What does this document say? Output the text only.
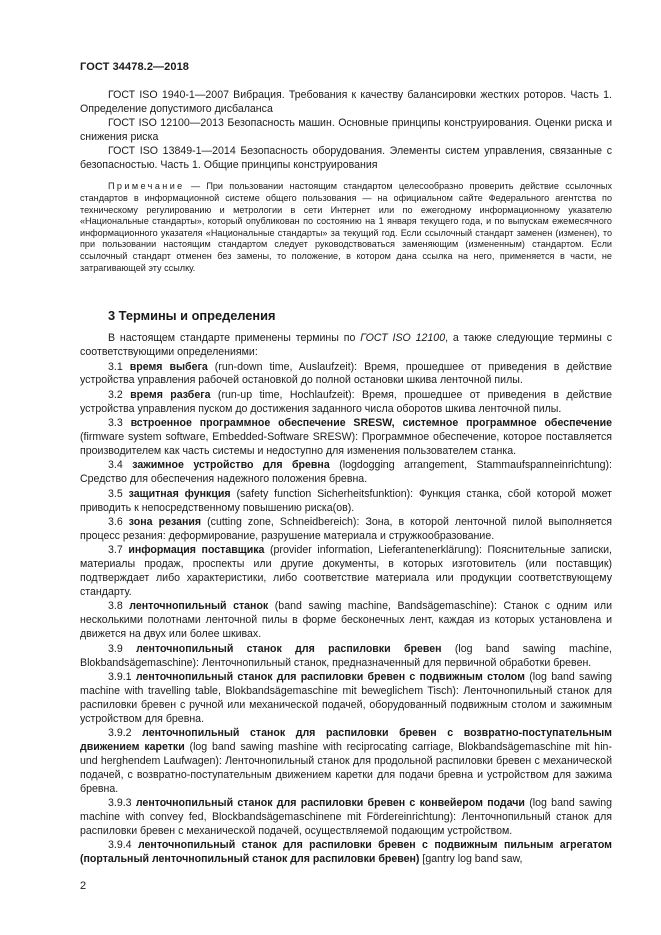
ГОСТ 34478.2—2018

ГОСТ ISO 1940-1—2007 Вибрация. Требования к качеству балансировки жестких роторов. Часть 1. Определение допустимого дисбаланса

ГОСТ ISO 12100—2013 Безопасность машин. Основные принципы конструирования. Оценки риска и снижения риска

ГОСТ ISO 13849-1—2014 Безопасность оборудования. Элементы систем управления, связанные с безопасностью. Часть 1. Общие принципы конструирования

Примечание — При пользовании настоящим стандартом целесообразно проверить действие ссылочных стандартов в информационной системе общего пользования — на официальном сайте Федерального агентства по техническому регулированию и метрологии в сети Интернет или по ежегодному информационному указателю «Национальные стандарты», который опубликован по состоянию на 1 января текущего года, и по выпускам ежемесячного информационного указателя «Национальные стандарты» за текущий год. Если ссылочный стандарт заменен (изменен), то при пользовании настоящим стандартом следует руководствоваться заменяющим (измененным) стандартом. Если ссылочный стандарт отменен без замены, то положение, в котором дана ссылка на него, применяется в части, не затрагивающей эту ссылку.

3 Термины и определения

В настоящем стандарте применены термины по ГОСТ ISO 12100, а также следующие термины с соответствующими определениями:

3.1 время выбега (run-down time, Auslaufzeit): Время, прошедшее от приведения в действие устройства управления рабочей остановкой до полной остановки шкива ленточной пилы.

3.2 время разбега (run-up time, Hochlaufzeit): Время, прошедшее от приведения в действие устройства управления пуском до достижения заданного числа оборотов шкива ленточной пилы.

3.3 встроенное программное обеспечение SRESW, системное программное обеспечение (firmware system software, Embedded-Software SRESW): Программное обеспечение, которое поставляется производителем как часть системы и недоступно для изменения пользователем станка.

3.4 зажимное устройство для бревна (logdogging arrangement, Stammaufspanneinrichtung): Средство для обеспечения надежного положения бревна.

3.5 защитная функция (safety function Sicherheitsfunktion): Функция станка, сбой которой может приводить к непосредственному повышению риска(ов).

3.6 зона резания (cutting zone, Schneidbereich): Зона, в которой ленточной пилой выполняется процесс резания: деформирование, разрушение материала и стружкообразование.

3.7 информация поставщика (provider information, Lieferantenerklärung): Пояснительные записки, материалы продаж, проспекты или другие документы, в которых изготовитель (или поставщик) подтверждает либо характеристики, либо соответствие материала или продукции соответствующему стандарту.

3.8 ленточнопильный станок (band sawing machine, Bandsägemaschine): Станок с одним или несколькими полотнами ленточной пилы в форме бесконечных лент, каждая из которых установлена и движется на двух или более шкивах.

3.9 ленточнопильный станок для распиловки бревен (log band sawing machine, Blokbandsägemaschine): Ленточнопильный станок, предназначенный для первичной обработки бревен.

3.9.1 ленточнопильный станок для распиловки бревен с подвижным столом (log band sawing machine with travelling table, Blokbandsägemaschine mit beweglichem Tisch): Ленточнопильный станок для распиловки бревен с ручной или механической подачей, оборудованный подвижным столом и зажимным устройством для бревна.

3.9.2 ленточнопильный станок для распиловки бревен с возвратно-поступательным движением каретки (log band sawing mashine with reciprocating carriage, Blokbandsägemaschine mit hin- und herghendem Laufwagen): Ленточнопильный станок для продольной распиловки бревен с механической подачей, с возвратно-поступательным движением каретки для подачи бревна и устройством для зажима бревна.

3.9.3 ленточнопильный станок для распиловки бревен с конвейером подачи (log band sawing machine with convey fed, Blockbandsägemaschinene mit Fördereinrichtung): Ленточнопильный станок для распиловки бревен с механической подачей, осуществляемой подающим устройством.

3.9.4 ленточнопильный станок для распиловки бревен с подвижным пильным агрегатом (портальный ленточнопильный станок для распиловки бревен) [gantry log band saw,

2
